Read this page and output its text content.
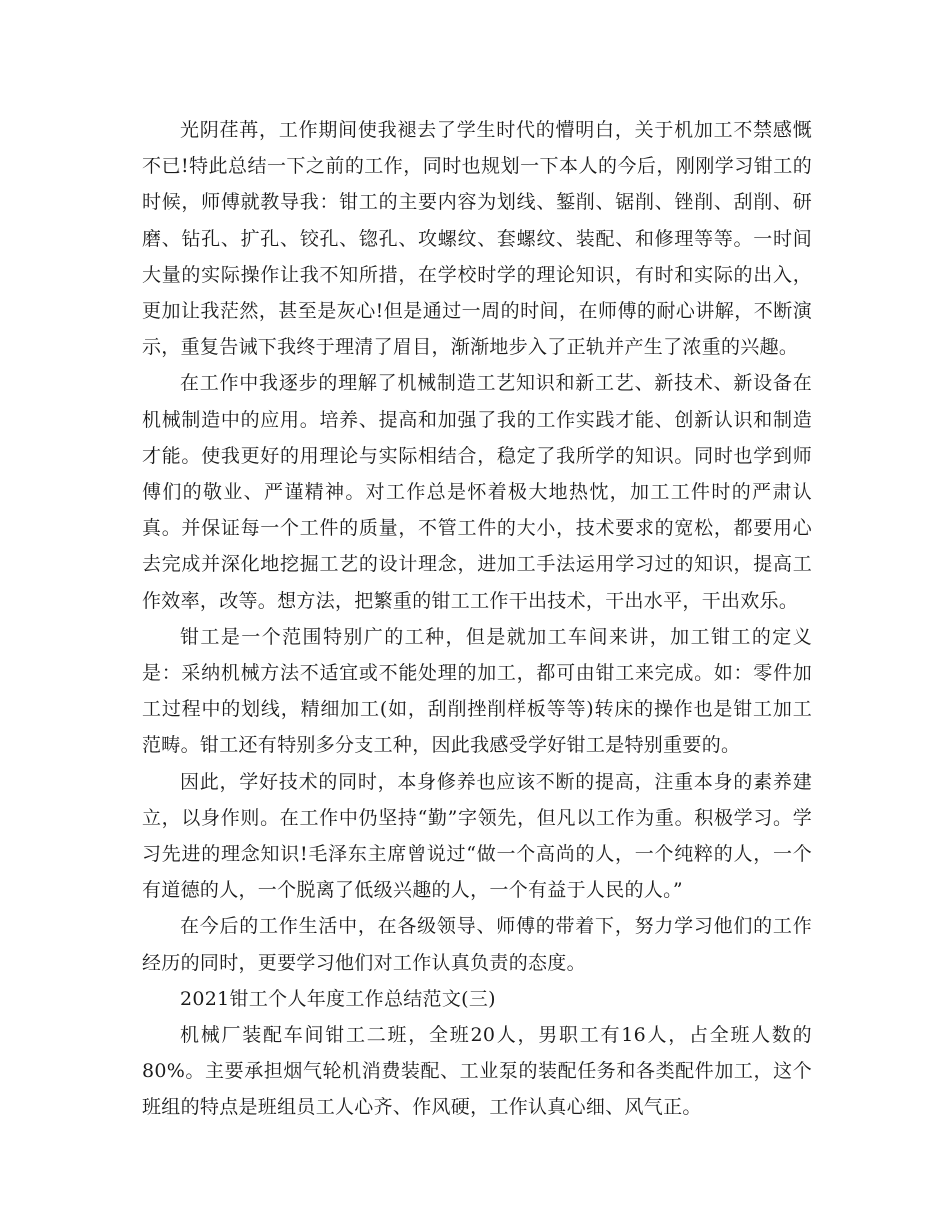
光阴荏苒，工作期间使我褪去了学生时代的懵明白，关于机加工不禁感慨不已!特此总结一下之前的工作，同时也规划一下本人的今后，刚刚学习钳工的时候，师傅就教导我：钳工的主要内容为划线、錾削、锯削、锉削、刮削、研磨、钻孔、扩孔、铰孔、锪孔、攻螺纹、套螺纹、装配、和修理等等。一时间大量的实际操作让我不知所措，在学校时学的理论知识，有时和实际的出入，更加让我茫然，甚至是灰心!但是通过一周的时间，在师傅的耐心讲解，不断演示，重复告诫下我终于理清了眉目，渐渐地步入了正轨并产生了浓重的兴趣。

在工作中我逐步的理解了机械制造工艺知识和新工艺、新技术、新设备在机械制造中的应用。培养、提高和加强了我的工作实践才能、创新认识和制造才能。使我更好的用理论与实际相结合，稳定了我所学的知识。同时也学到师傅们的敬业、严谨精神。对工作总是怀着极大地热忱，加工工件时的严肃认真。并保证每一个工件的质量，不管工件的大小，技术要求的宽松，都要用心去完成并深化地挖掘工艺的设计理念，进加工手法运用学习过的知识，提高工作效率，改等。想方法，把繁重的钳工工作干出技术，干出水平，干出欢乐。

钳工是一个范围特别广的工种，但是就加工车间来讲，加工钳工的定义是：采纳机械方法不适宜或不能处理的加工，都可由钳工来完成。如：零件加工过程中的划线，精细加工(如，刮削挫削样板等等)转床的操作也是钳工加工范畴。钳工还有特别多分支工种，因此我感受学好钳工是特别重要的。

因此，学好技术的同时，本身修养也应该不断的提高，注重本身的素养建立，以身作则。在工作中仍坚持“勤”字领先，但凡以工作为重。积极学习。学习先进的理念知识!毛泽东主席曾说过“做一个高尚的人，一个纯粹的人，一个有道德的人，一个脱离了低级兴趣的人，一个有益于人民的人。”

在今后的工作生活中，在各级领导、师傅的带着下，努力学习他们的工作经历的同时，更要学习他们对工作认真负责的态度。

2021钳工个人年度工作总结范文(三)

机械厂装配车间钳工二班，全班20人，男职工有16人，占全班人数的80%。主要承担烟气轮机消费装配、工业泵的装配任务和各类配件加工，这个班组的特点是班组员工人心齐、作风硬，工作认真心细、风气正。
